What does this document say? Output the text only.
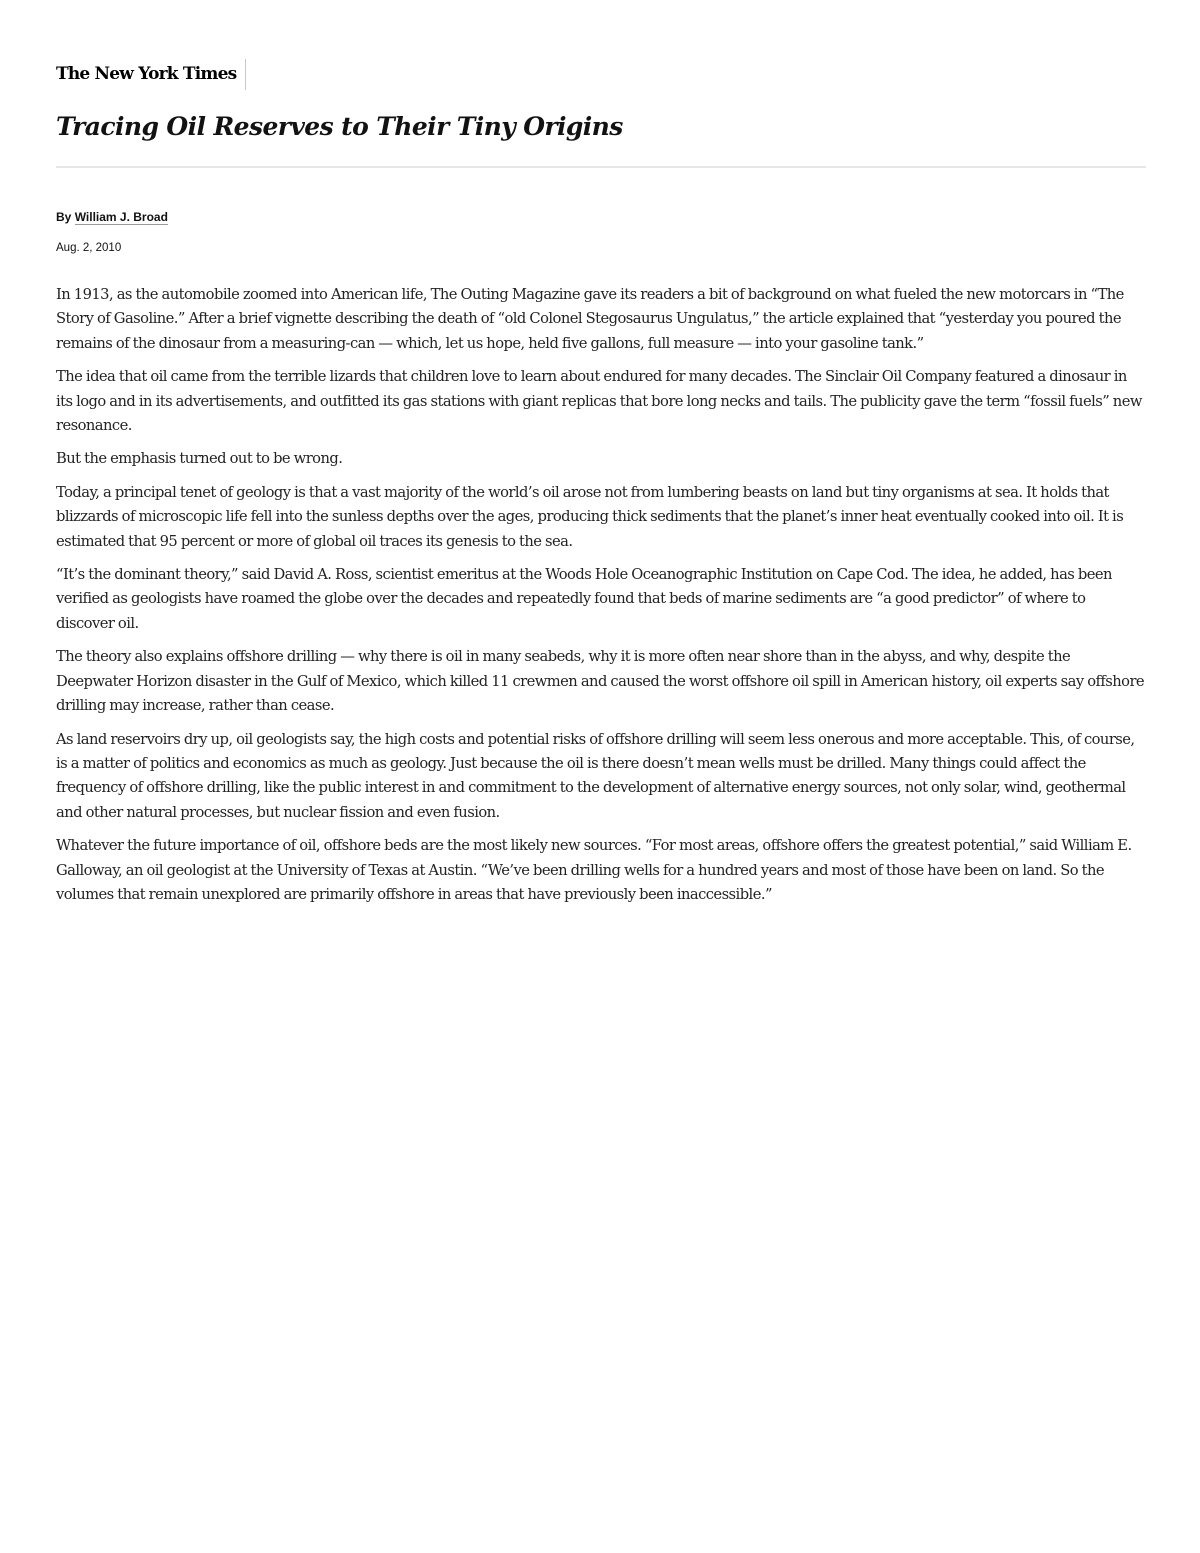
The New York Times
Tracing Oil Reserves to Their Tiny Origins
By William J. Broad
Aug. 2, 2010

In 1913, as the automobile zoomed into American life, The Outing Magazine gave its readers a bit of background on what fueled the new motorcars in “The Story of Gasoline.” After a brief vignette describing the death of “old Colonel Stegosaurus Ungulatus,” the article explained that “yesterday you poured the remains of the dinosaur from a measuring-can — which, let us hope, held five gallons, full measure — into your gasoline tank.”

The idea that oil came from the terrible lizards that children love to learn about endured for many decades. The Sinclair Oil Company featured a dinosaur in its logo and in its advertisements, and outfitted its gas stations with giant replicas that bore long necks and tails. The publicity gave the term “fossil fuels” new resonance.

But the emphasis turned out to be wrong.

Today, a principal tenet of geology is that a vast majority of the world’s oil arose not from lumbering beasts on land but tiny organisms at sea. It holds that blizzards of microscopic life fell into the sunless depths over the ages, producing thick sediments that the planet’s inner heat eventually cooked into oil. It is estimated that 95 percent or more of global oil traces its genesis to the sea.

“It’s the dominant theory,” said David A. Ross, scientist emeritus at the Woods Hole Oceanographic Institution on Cape Cod. The idea, he added, has been verified as geologists have roamed the globe over the decades and repeatedly found that beds of marine sediments are “a good predictor” of where to discover oil.

The theory also explains offshore drilling — why there is oil in many seabeds, why it is more often near shore than in the abyss, and why, despite the Deepwater Horizon disaster in the Gulf of Mexico, which killed 11 crewmen and caused the worst offshore oil spill in American history, oil experts say offshore drilling may increase, rather than cease.

As land reservoirs dry up, oil geologists say, the high costs and potential risks of offshore drilling will seem less onerous and more acceptable. This, of course, is a matter of politics and economics as much as geology. Just because the oil is there doesn’t mean wells must be drilled. Many things could affect the frequency of offshore drilling, like the public interest in and commitment to the development of alternative energy sources, not only solar, wind, geothermal and other natural processes, but nuclear fission and even fusion.

Whatever the future importance of oil, offshore beds are the most likely new sources. “For most areas, offshore offers the greatest potential,” said William E. Galloway, an oil geologist at the University of Texas at Austin. “We’ve been drilling wells for a hundred years and most of those have been on land. So the volumes that remain unexplored are primarily offshore in areas that have previously been inaccessible.”
